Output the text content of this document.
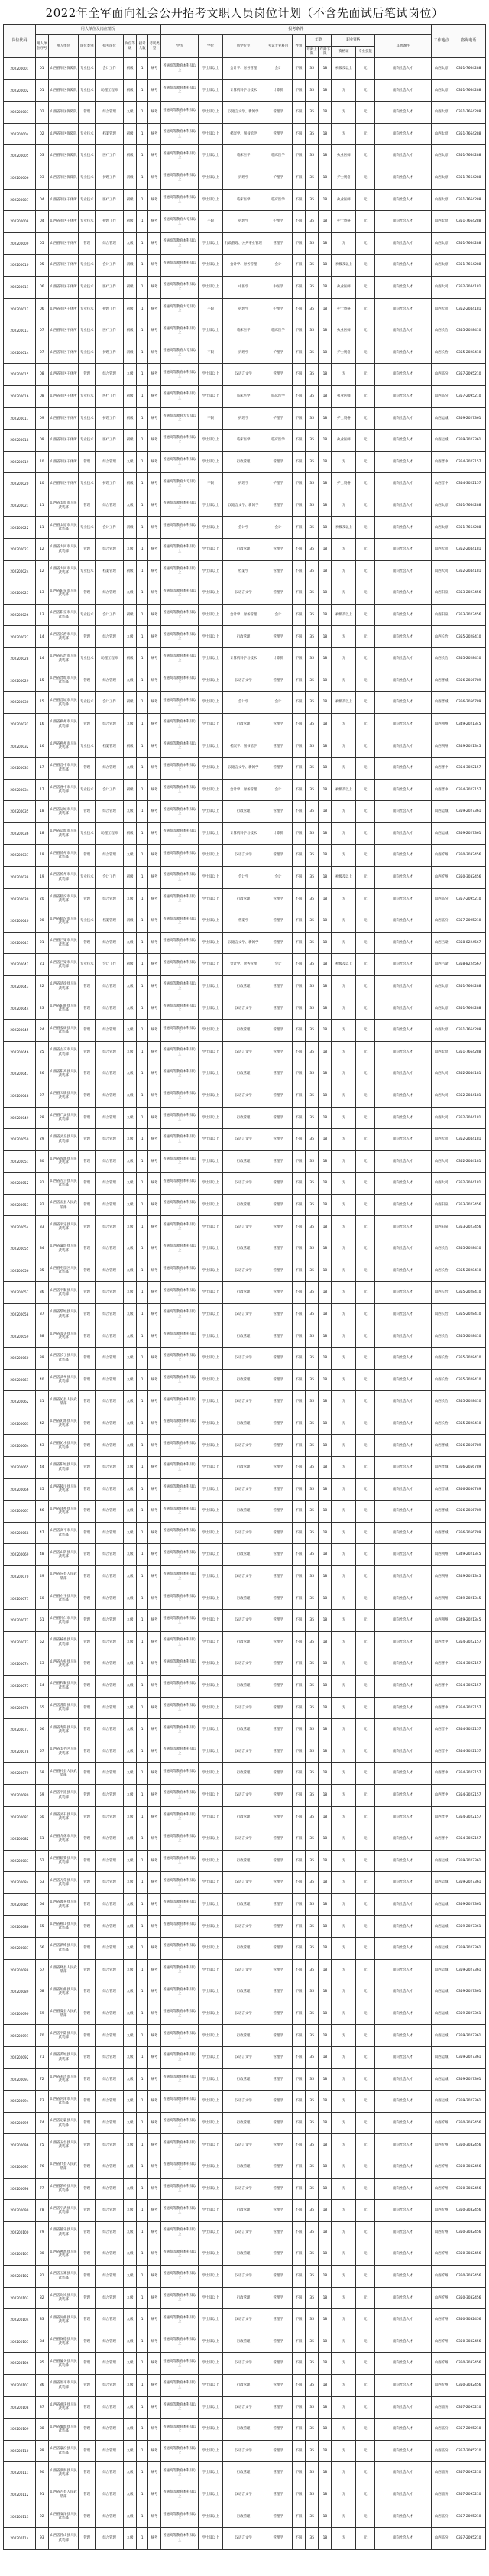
2022年全军面向社会公开招考文职人员岗位计划（不含先面试后笔试岗位）
岗位代码	用人单位及岗位情况							报考条件										工作地点	咨询电话
	用人单位序号	用人单位	岗位类别	招考岗位	岗位等级	招考人数	考试类型	学历	学位	所学专业	考试专业科目	性别	年龄		职业资格		其他条件		
													年龄上限	年龄下限	资格证	专业技能			
202200001	01	山西省军区保障队	专业技术	会计工作	初级	1	统考	普通高等教育本科及以上	学士及以上	会计学、财务管理	会计	不限	35	18	初级及以上	无	面向社会人才	山西太原	0351-7664288
202200002	01	山西省军区保障队	专业技术	助理工程师	初级	1	统考	普通高等教育本科及以上	学士及以上	计算机科学与技术	计算机	不限	35	18	无	无	面向社会人才	山西太原	0351-7664288
202200003	02	山西省军区保障队	管理	综合管理	九级	1	统考	普通高等教育本科及以上	学士及以上	汉语言文学、新闻学	管理学	不限	35	18	无	无	面向社会人才	山西太原	0351-7664288
202200004	02	山西省军区保障队	专业技术	档案管理	初级	1	统考	普通高等教育本科及以上	学士及以上	档案学、图书馆学	管理学	不限	35	18	无	无	面向社会人才	山西太原	0351-7664288
202200005	03	山西省军区保障队	专业技术	医疗工作	初级	1	统考	普通高等教育本科及以上	学士及以上	临床医学	临床医学	不限	35	18	执业医师	无	面向社会人才	山西太原	0351-7664288
202200006	03	山西省军区保障队	专业技术	护理工作	初级	1	统考	普通高等教育本科及以上	学士及以上	护理学	护理学	不限	35	18	护士资格	无	面向社会人才	山西太原	0351-7664288
202200007	04	山西省军区干休所	专业技术	医疗工作	初级	1	统考	普通高等教育本科及以上	学士及以上	临床医学	临床医学	不限	35	18	执业医师	无	面向社会人才	山西太原	0351-7664288
202200008	04	山西省军区干休所	专业技术	护理工作	初级	1	统考	普通高等教育大专及以上	不限	护理学	护理学	不限	35	18	护士资格	无	面向社会人才	山西太原	0351-7664288
202200009	05	山西省军区干休所	管理	综合管理	九级	1	统考	普通高等教育本科及以上	学士及以上	行政管理、公共事业管理	管理学	不限	35	18	无	无	面向社会人才	山西太原	0351-7664288
202200010	05	山西省军区干休所	专业技术	会计工作	初级	1	统考	普通高等教育本科及以上	学士及以上	会计学、财务管理	会计	不限	35	18	初级及以上	无	面向社会人才	山西太原	0351-7664288
202200011	06	山西省军区干休所	专业技术	医疗工作	初级	1	统考	普通高等教育本科及以上	学士及以上	中医学	中医学	不限	35	18	执业医师	无	面向社会人才	山西大同	0352-2044181
202200012	06	山西省军区干休所	专业技术	护理工作	初级	1	统考	普通高等教育大专及以上	不限	护理学	护理学	不限	35	18	护士资格	无	面向社会人才	山西大同	0352-2044181
202200013	07	山西省军区干休所	专业技术	医疗工作	初级	1	统考	普通高等教育本科及以上	学士及以上	临床医学	临床医学	不限	35	18	执业医师	无	面向社会人才	山西长治	0355-2028410
202200014	07	山西省军区干休所	专业技术	护理工作	初级	1	统考	普通高等教育大专及以上	不限	护理学	护理学	不限	35	18	护士资格	无	面向社会人才	山西长治	0355-2028410
202200015	08	山西省军区干休所	管理	综合管理	九级	1	统考	普通高等教育本科及以上	学士及以上	汉语言文学	管理学	不限	35	18	无	无	面向社会人才	山西临汾	0357-2095210
202200016	08	山西省军区干休所	专业技术	医疗工作	初级	1	统考	普通高等教育本科及以上	学士及以上	临床医学	临床医学	不限	35	18	执业医师	无	面向社会人才	山西临汾	0357-2095210
202200017	09	山西省军区干休所	专业技术	护理工作	初级	1	统考	普通高等教育大专及以上	不限	护理学	护理学	不限	35	18	护士资格	无	面向社会人才	山西运城	0359-2027361
202200018	09	山西省军区干休所	专业技术	医疗工作	初级	1	统考	普通高等教育本科及以上	学士及以上	临床医学	临床医学	不限	35	18	执业医师	无	面向社会人才	山西运城	0359-2027361
202200019	10	山西省军区干休所	管理	综合管理	九级	1	统考	普通高等教育本科及以上	学士及以上	行政管理	管理学	不限	35	18	无	无	面向社会人才	山西晋中	0354-3022157
202200020	10	山西省军区干休所	专业技术	护理工作	初级	1	统考	普通高等教育大专及以上	不限	护理学	护理学	不限	35	18	护士资格	无	面向社会人才	山西晋中	0354-3022157
202200021	11	山西省太原市人民武装部	管理	综合管理	九级	1	统考	普通高等教育本科及以上	学士及以上	汉语言文学、新闻学	管理学	不限	35	18	无	无	面向社会人才	山西太原	0351-7664288
202200022	11	山西省太原市人民武装部	专业技术	会计工作	初级	1	统考	普通高等教育本科及以上	学士及以上	会计学	会计	不限	35	18	初级及以上	无	面向社会人才	山西太原	0351-7664288
202200023	12	山西省大同市人民武装部	管理	综合管理	九级	1	统考	普通高等教育本科及以上	学士及以上	行政管理	管理学	不限	35	18	无	无	面向社会人才	山西大同	0352-2044181
202200024	12	山西省大同市人民武装部	专业技术	档案管理	初级	1	统考	普通高等教育本科及以上	学士及以上	档案学	管理学	不限	35	18	无	无	面向社会人才	山西大同	0352-2044181
202200025	13	山西省阳泉市人民武装部	管理	综合管理	九级	1	统考	普通高等教育本科及以上	学士及以上	汉语言文学	管理学	不限	35	18	无	无	面向社会人才	山西阳泉	0353-2023456
202200026	13	山西省阳泉市人民武装部	专业技术	会计工作	初级	1	统考	普通高等教育本科及以上	学士及以上	会计学、财务管理	会计	不限	35	18	初级及以上	无	面向社会人才	山西阳泉	0353-2023456
202200027	14	山西省长治市人民武装部	管理	综合管理	九级	1	统考	普通高等教育本科及以上	学士及以上	行政管理	管理学	不限	35	18	无	无	面向社会人才	山西长治	0355-2028410
202200028	14	山西省长治市人民武装部	专业技术	助理工程师	初级	1	统考	普通高等教育本科及以上	学士及以上	计算机科学与技术	计算机	不限	35	18	无	无	面向社会人才	山西长治	0355-2028410
202200029	15	山西省晋城市人民武装部	管理	综合管理	九级	1	统考	普通高等教育本科及以上	学士及以上	汉语言文学	管理学	不限	35	18	无	无	面向社会人才	山西晋城	0356-2056789
202200030	15	山西省晋城市人民武装部	专业技术	会计工作	初级	1	统考	普通高等教育本科及以上	学士及以上	会计学	会计	不限	35	18	初级及以上	无	面向社会人才	山西晋城	0356-2056789
202200031	16	山西省朔州市人民武装部	管理	综合管理	九级	1	统考	普通高等教育本科及以上	学士及以上	行政管理	管理学	不限	35	18	无	无	面向社会人才	山西朔州	0349-2021345
202200032	16	山西省朔州市人民武装部	专业技术	档案管理	初级	1	统考	普通高等教育本科及以上	学士及以上	档案学、图书馆学	管理学	不限	35	18	无	无	面向社会人才	山西朔州	0349-2021345
202200033	17	山西省晋中市人民武装部	管理	综合管理	九级	1	统考	普通高等教育本科及以上	学士及以上	汉语言文学、新闻学	管理学	不限	35	18	无	无	面向社会人才	山西晋中	0354-3022157
202200034	17	山西省晋中市人民武装部	专业技术	会计工作	初级	1	统考	普通高等教育本科及以上	学士及以上	会计学、财务管理	会计	不限	35	18	初级及以上	无	面向社会人才	山西晋中	0354-3022157
202200035	18	山西省运城市人民武装部	管理	综合管理	九级	1	统考	普通高等教育本科及以上	学士及以上	行政管理	管理学	不限	35	18	无	无	面向社会人才	山西运城	0359-2027361
202200036	18	山西省运城市人民武装部	专业技术	助理工程师	初级	1	统考	普通高等教育本科及以上	学士及以上	计算机科学与技术	计算机	不限	35	18	无	无	面向社会人才	山西运城	0359-2027361
202200037	19	山西省忻州市人民武装部	管理	综合管理	九级	1	统考	普通高等教育本科及以上	学士及以上	汉语言文学	管理学	不限	35	18	无	无	面向社会人才	山西忻州	0350-3032456
202200038	19	山西省忻州市人民武装部	专业技术	会计工作	初级	1	统考	普通高等教育本科及以上	学士及以上	会计学	会计	不限	35	18	初级及以上	无	面向社会人才	山西忻州	0350-3032456
202200039	20	山西省临汾市人民武装部	管理	综合管理	九级	1	统考	普通高等教育本科及以上	学士及以上	行政管理	管理学	不限	35	18	无	无	面向社会人才	山西临汾	0357-2095210
202200040	20	山西省临汾市人民武装部	专业技术	档案管理	初级	1	统考	普通高等教育本科及以上	学士及以上	档案学	管理学	不限	35	18	无	无	面向社会人才	山西临汾	0357-2095210
202200041	21	山西省吕梁市人民武装部	管理	综合管理	九级	1	统考	普通高等教育本科及以上	学士及以上	汉语言文学、新闻学	管理学	不限	35	18	无	无	面向社会人才	山西吕梁	0358-8224567
202200042	21	山西省吕梁市人民武装部	专业技术	会计工作	初级	1	统考	普通高等教育本科及以上	学士及以上	会计学、财务管理	会计	不限	35	18	初级及以上	无	面向社会人才	山西吕梁	0358-8224567
202200043	22	山西省清徐县人民武装部	管理	综合管理	九级	1	统考	普通高等教育本科及以上	学士及以上	行政管理	管理学	不限	35	18	无	无	面向社会人才	山西太原	0351-7664288
202200044	23	山西省阳曲县人民武装部	管理	综合管理	九级	1	统考	普通高等教育本科及以上	学士及以上	汉语言文学	管理学	不限	35	18	无	无	面向社会人才	山西太原	0351-7664288
202200045	24	山西省娄烦县人民武装部	管理	综合管理	九级	1	统考	普通高等教育本科及以上	学士及以上	行政管理	管理学	不限	35	18	无	无	面向社会人才	山西太原	0351-7664288
202200046	25	山西省古交市人民武装部	管理	综合管理	九级	1	统考	普通高等教育本科及以上	学士及以上	汉语言文学	管理学	不限	35	18	无	无	面向社会人才	山西太原	0351-7664288
202200047	26	山西省阳高县人民武装部	管理	综合管理	九级	1	统考	普通高等教育本科及以上	学士及以上	行政管理	管理学	不限	35	18	无	无	面向社会人才	山西大同	0352-2044181
202200048	27	山西省天镇县人民武装部	管理	综合管理	九级	1	统考	普通高等教育本科及以上	学士及以上	汉语言文学	管理学	不限	35	18	无	无	面向社会人才	山西大同	0352-2044181
202200049	28	山西省广灵县人民武装部	管理	综合管理	九级	1	统考	普通高等教育本科及以上	学士及以上	行政管理	管理学	不限	35	18	无	无	面向社会人才	山西大同	0352-2044181
202200050	29	山西省灵丘县人民武装部	管理	综合管理	九级	1	统考	普通高等教育本科及以上	学士及以上	汉语言文学	管理学	不限	35	18	无	无	面向社会人才	山西大同	0352-2044181
202200051	30	山西省浑源县人民武装部	管理	综合管理	九级	1	统考	普通高等教育本科及以上	学士及以上	行政管理	管理学	不限	35	18	无	无	面向社会人才	山西大同	0352-2044181
202200052	31	山西省左云县人民武装部	管理	综合管理	九级	1	统考	普通高等教育本科及以上	学士及以上	汉语言文学	管理学	不限	35	18	无	无	面向社会人才	山西大同	0352-2044181
202200053	32	山西省盂县人民武装部	管理	综合管理	九级	1	统考	普通高等教育本科及以上	学士及以上	行政管理	管理学	不限	35	18	无	无	面向社会人才	山西阳泉	0353-2023456
202200054	33	山西省平定县人民武装部	管理	综合管理	九级	1	统考	普通高等教育本科及以上	学士及以上	汉语言文学	管理学	不限	35	18	无	无	面向社会人才	山西阳泉	0353-2023456
202200055	34	山西省襄垣县人民武装部	管理	综合管理	九级	1	统考	普通高等教育本科及以上	学士及以上	行政管理	管理学	不限	35	18	无	无	面向社会人才	山西长治	0355-2028410
202200056	35	山西省屯留区人民武装部	管理	综合管理	九级	1	统考	普通高等教育本科及以上	学士及以上	汉语言文学	管理学	不限	35	18	无	无	面向社会人才	山西长治	0355-2028410
202200057	36	山西省平顺县人民武装部	管理	综合管理	九级	1	统考	普通高等教育本科及以上	学士及以上	行政管理	管理学	不限	35	18	无	无	面向社会人才	山西长治	0355-2028410
202200058	37	山西省黎城县人民武装部	管理	综合管理	九级	1	统考	普通高等教育本科及以上	学士及以上	汉语言文学	管理学	不限	35	18	无	无	面向社会人才	山西长治	0355-2028410
202200059	38	山西省壶关县人民武装部	管理	综合管理	九级	1	统考	普通高等教育本科及以上	学士及以上	行政管理	管理学	不限	35	18	无	无	面向社会人才	山西长治	0355-2028410
202200060	39	山西省长子县人民武装部	管理	综合管理	九级	1	统考	普通高等教育本科及以上	学士及以上	汉语言文学	管理学	不限	35	18	无	无	面向社会人才	山西长治	0355-2028410
202200061	40	山西省武乡县人民武装部	管理	综合管理	九级	1	统考	普通高等教育本科及以上	学士及以上	行政管理	管理学	不限	35	18	无	无	面向社会人才	山西长治	0355-2028410
202200062	41	山西省沁县人民武装部	管理	综合管理	九级	1	统考	普通高等教育本科及以上	学士及以上	汉语言文学	管理学	不限	35	18	无	无	面向社会人才	山西长治	0355-2028410
202200063	42	山西省沁源县人民武装部	管理	综合管理	九级	1	统考	普通高等教育本科及以上	学士及以上	行政管理	管理学	不限	35	18	无	无	面向社会人才	山西长治	0355-2028410
202200064	43	山西省沁水县人民武装部	管理	综合管理	九级	1	统考	普通高等教育本科及以上	学士及以上	汉语言文学	管理学	不限	35	18	无	无	面向社会人才	山西晋城	0356-2056789
202200065	44	山西省阳城县人民武装部	管理	综合管理	九级	1	统考	普通高等教育本科及以上	学士及以上	行政管理	管理学	不限	35	18	无	无	面向社会人才	山西晋城	0356-2056789
202200066	45	山西省陵川县人民武装部	管理	综合管理	九级	1	统考	普通高等教育本科及以上	学士及以上	汉语言文学	管理学	不限	35	18	无	无	面向社会人才	山西晋城	0356-2056789
202200067	46	山西省泽州县人民武装部	管理	综合管理	九级	1	统考	普通高等教育本科及以上	学士及以上	行政管理	管理学	不限	35	18	无	无	面向社会人才	山西晋城	0356-2056789
202200068	47	山西省高平市人民武装部	管理	综合管理	九级	1	统考	普通高等教育本科及以上	学士及以上	汉语言文学	管理学	不限	35	18	无	无	面向社会人才	山西晋城	0356-2056789
202200069	48	山西省山阴县人民武装部	管理	综合管理	九级	1	统考	普通高等教育本科及以上	学士及以上	行政管理	管理学	不限	35	18	无	无	面向社会人才	山西朔州	0349-2021345
202200070	49	山西省应县人民武装部	管理	综合管理	九级	1	统考	普通高等教育本科及以上	学士及以上	汉语言文学	管理学	不限	35	18	无	无	面向社会人才	山西朔州	0349-2021345
202200071	50	山西省右玉县人民武装部	管理	综合管理	九级	1	统考	普通高等教育本科及以上	学士及以上	行政管理	管理学	不限	35	18	无	无	面向社会人才	山西朔州	0349-2021345
202200072	51	山西省怀仁市人民武装部	管理	综合管理	九级	1	统考	普通高等教育本科及以上	学士及以上	汉语言文学	管理学	不限	35	18	无	无	面向社会人才	山西朔州	0349-2021345
202200073	52	山西省榆社县人民武装部	管理	综合管理	九级	1	统考	普通高等教育本科及以上	学士及以上	行政管理	管理学	不限	35	18	无	无	面向社会人才	山西晋中	0354-3022157
202200074	53	山西省左权县人民武装部	管理	综合管理	九级	1	统考	普通高等教育本科及以上	学士及以上	汉语言文学	管理学	不限	35	18	无	无	面向社会人才	山西晋中	0354-3022157
202200075	54	山西省和顺县人民武装部	管理	综合管理	九级	1	统考	普通高等教育本科及以上	学士及以上	行政管理	管理学	不限	35	18	无	无	面向社会人才	山西晋中	0354-3022157
202200076	55	山西省昔阳县人民武装部	管理	综合管理	九级	1	统考	普通高等教育本科及以上	学士及以上	汉语言文学	管理学	不限	35	18	无	无	面向社会人才	山西晋中	0354-3022157
202200077	56	山西省寿阳县人民武装部	管理	综合管理	九级	1	统考	普通高等教育本科及以上	学士及以上	行政管理	管理学	不限	35	18	无	无	面向社会人才	山西晋中	0354-3022157
202200078	57	山西省太谷区人民武装部	管理	综合管理	九级	1	统考	普通高等教育本科及以上	学士及以上	汉语言文学	管理学	不限	35	18	无	无	面向社会人才	山西晋中	0354-3022157
202200079	58	山西省祁县人民武装部	管理	综合管理	九级	1	统考	普通高等教育本科及以上	学士及以上	行政管理	管理学	不限	35	18	无	无	面向社会人才	山西晋中	0354-3022157
202200080	59	山西省平遥县人民武装部	管理	综合管理	九级	1	统考	普通高等教育本科及以上	学士及以上	汉语言文学	管理学	不限	35	18	无	无	面向社会人才	山西晋中	0354-3022157
202200081	60	山西省灵石县人民武装部	管理	综合管理	九级	1	统考	普通高等教育本科及以上	学士及以上	行政管理	管理学	不限	35	18	无	无	面向社会人才	山西晋中	0354-3022157
202200082	61	山西省介休市人民武装部	管理	综合管理	九级	1	统考	普通高等教育本科及以上	学士及以上	汉语言文学	管理学	不限	35	18	无	无	面向社会人才	山西晋中	0354-3022157
202200083	62	山西省临猗县人民武装部	管理	综合管理	九级	1	统考	普通高等教育本科及以上	学士及以上	行政管理	管理学	不限	35	18	无	无	面向社会人才	山西运城	0359-2027361
202200084	63	山西省万荣县人民武装部	管理	综合管理	九级	1	统考	普通高等教育本科及以上	学士及以上	汉语言文学	管理学	不限	35	18	无	无	面向社会人才	山西运城	0359-2027361
202200085	64	山西省闻喜县人民武装部	管理	综合管理	九级	1	统考	普通高等教育本科及以上	学士及以上	行政管理	管理学	不限	35	18	无	无	面向社会人才	山西运城	0359-2027361
202200086	65	山西省稷山县人民武装部	管理	综合管理	九级	1	统考	普通高等教育本科及以上	学士及以上	汉语言文学	管理学	不限	35	18	无	无	面向社会人才	山西运城	0359-2027361
202200087	66	山西省新绛县人民武装部	管理	综合管理	九级	1	统考	普通高等教育本科及以上	学士及以上	行政管理	管理学	不限	35	18	无	无	面向社会人才	山西运城	0359-2027361
202200088	67	山西省绛县人民武装部	管理	综合管理	九级	1	统考	普通高等教育本科及以上	学士及以上	汉语言文学	管理学	不限	35	18	无	无	面向社会人才	山西运城	0359-2027361
202200089	68	山西省垣曲县人民武装部	管理	综合管理	九级	1	统考	普通高等教育本科及以上	学士及以上	行政管理	管理学	不限	35	18	无	无	面向社会人才	山西运城	0359-2027361
202200090	69	山西省夏县人民武装部	管理	综合管理	九级	1	统考	普通高等教育本科及以上	学士及以上	汉语言文学	管理学	不限	35	18	无	无	面向社会人才	山西运城	0359-2027361
202200091	70	山西省平陆县人民武装部	管理	综合管理	九级	1	统考	普通高等教育本科及以上	学士及以上	行政管理	管理学	不限	35	18	无	无	面向社会人才	山西运城	0359-2027361
202200092	71	山西省芮城县人民武装部	管理	综合管理	九级	1	统考	普通高等教育本科及以上	学士及以上	汉语言文学	管理学	不限	35	18	无	无	面向社会人才	山西运城	0359-2027361
202200093	72	山西省永济市人民武装部	管理	综合管理	九级	1	统考	普通高等教育本科及以上	学士及以上	行政管理	管理学	不限	35	18	无	无	面向社会人才	山西运城	0359-2027361
202200094	73	山西省河津市人民武装部	管理	综合管理	九级	1	统考	普通高等教育本科及以上	学士及以上	汉语言文学	管理学	不限	35	18	无	无	面向社会人才	山西运城	0359-2027361
202200095	74	山西省定襄县人民武装部	管理	综合管理	九级	1	统考	普通高等教育本科及以上	学士及以上	行政管理	管理学	不限	35	18	无	无	面向社会人才	山西忻州	0350-3032456
202200096	75	山西省五台县人民武装部	管理	综合管理	九级	1	统考	普通高等教育本科及以上	学士及以上	汉语言文学	管理学	不限	35	18	无	无	面向社会人才	山西忻州	0350-3032456
202200097	76	山西省代县人民武装部	管理	综合管理	九级	1	统考	普通高等教育本科及以上	学士及以上	行政管理	管理学	不限	35	18	无	无	面向社会人才	山西忻州	0350-3032456
202200098	77	山西省繁峙县人民武装部	管理	综合管理	九级	1	统考	普通高等教育本科及以上	学士及以上	汉语言文学	管理学	不限	35	18	无	无	面向社会人才	山西忻州	0350-3032456
202200099	78	山西省宁武县人民武装部	管理	综合管理	九级	1	统考	普通高等教育本科及以上	学士及以上	行政管理	管理学	不限	35	18	无	无	面向社会人才	山西忻州	0350-3032456
202200100	79	山西省静乐县人民武装部	管理	综合管理	九级	1	统考	普通高等教育本科及以上	学士及以上	汉语言文学	管理学	不限	35	18	无	无	面向社会人才	山西忻州	0350-3032456
202200101	80	山西省神池县人民武装部	管理	综合管理	九级	1	统考	普通高等教育本科及以上	学士及以上	行政管理	管理学	不限	35	18	无	无	面向社会人才	山西忻州	0350-3032456
202200102	81	山西省五寨县人民武装部	管理	综合管理	九级	1	统考	普通高等教育本科及以上	学士及以上	汉语言文学	管理学	不限	35	18	无	无	面向社会人才	山西忻州	0350-3032456
202200103	82	山西省岢岚县人民武装部	管理	综合管理	九级	1	统考	普通高等教育本科及以上	学士及以上	行政管理	管理学	不限	35	18	无	无	面向社会人才	山西忻州	0350-3032456
202200104	83	山西省河曲县人民武装部	管理	综合管理	九级	1	统考	普通高等教育本科及以上	学士及以上	汉语言文学	管理学	不限	35	18	无	无	面向社会人才	山西忻州	0350-3032456
202200105	84	山西省保德县人民武装部	管理	综合管理	九级	1	统考	普通高等教育本科及以上	学士及以上	行政管理	管理学	不限	35	18	无	无	面向社会人才	山西忻州	0350-3032456
202200106	85	山西省偏关县人民武装部	管理	综合管理	九级	1	统考	普通高等教育本科及以上	学士及以上	汉语言文学	管理学	不限	35	18	无	无	面向社会人才	山西忻州	0350-3032456
202200107	86	山西省原平市人民武装部	管理	综合管理	九级	1	统考	普通高等教育本科及以上	学士及以上	行政管理	管理学	不限	35	18	无	无	面向社会人才	山西忻州	0350-3032456
202200108	87	山西省曲沃县人民武装部	管理	综合管理	九级	1	统考	普通高等教育本科及以上	学士及以上	汉语言文学	管理学	不限	35	18	无	无	面向社会人才	山西临汾	0357-2095210
202200109	88	山西省翼城县人民武装部	管理	综合管理	九级	1	统考	普通高等教育本科及以上	学士及以上	行政管理	管理学	不限	35	18	无	无	面向社会人才	山西临汾	0357-2095210
202200110	89	山西省襄汾县人民武装部	管理	综合管理	九级	1	统考	普通高等教育本科及以上	学士及以上	汉语言文学	管理学	不限	35	18	无	无	面向社会人才	山西临汾	0357-2095210
202200111	90	山西省洪洞县人民武装部	管理	综合管理	九级	1	统考	普通高等教育本科及以上	学士及以上	行政管理	管理学	不限	35	18	无	无	面向社会人才	山西临汾	0357-2095210
202200112	91	山西省古县人民武装部	管理	综合管理	九级	1	统考	普通高等教育本科及以上	学士及以上	汉语言文学	管理学	不限	35	18	无	无	面向社会人才	山西临汾	0357-2095210
202200113	92	山西省安泽县人民武装部	管理	综合管理	九级	1	统考	普通高等教育本科及以上	学士及以上	行政管理	管理学	不限	35	18	无	无	面向社会人才	山西临汾	0357-2095210
202200114	93	山西省浮山县人民武装部	管理	综合管理	九级	1	统考	普通高等教育本科及以上	学士及以上	汉语言文学	管理学	不限	35	18	无	无	面向社会人才	山西临汾	0357-2095210
